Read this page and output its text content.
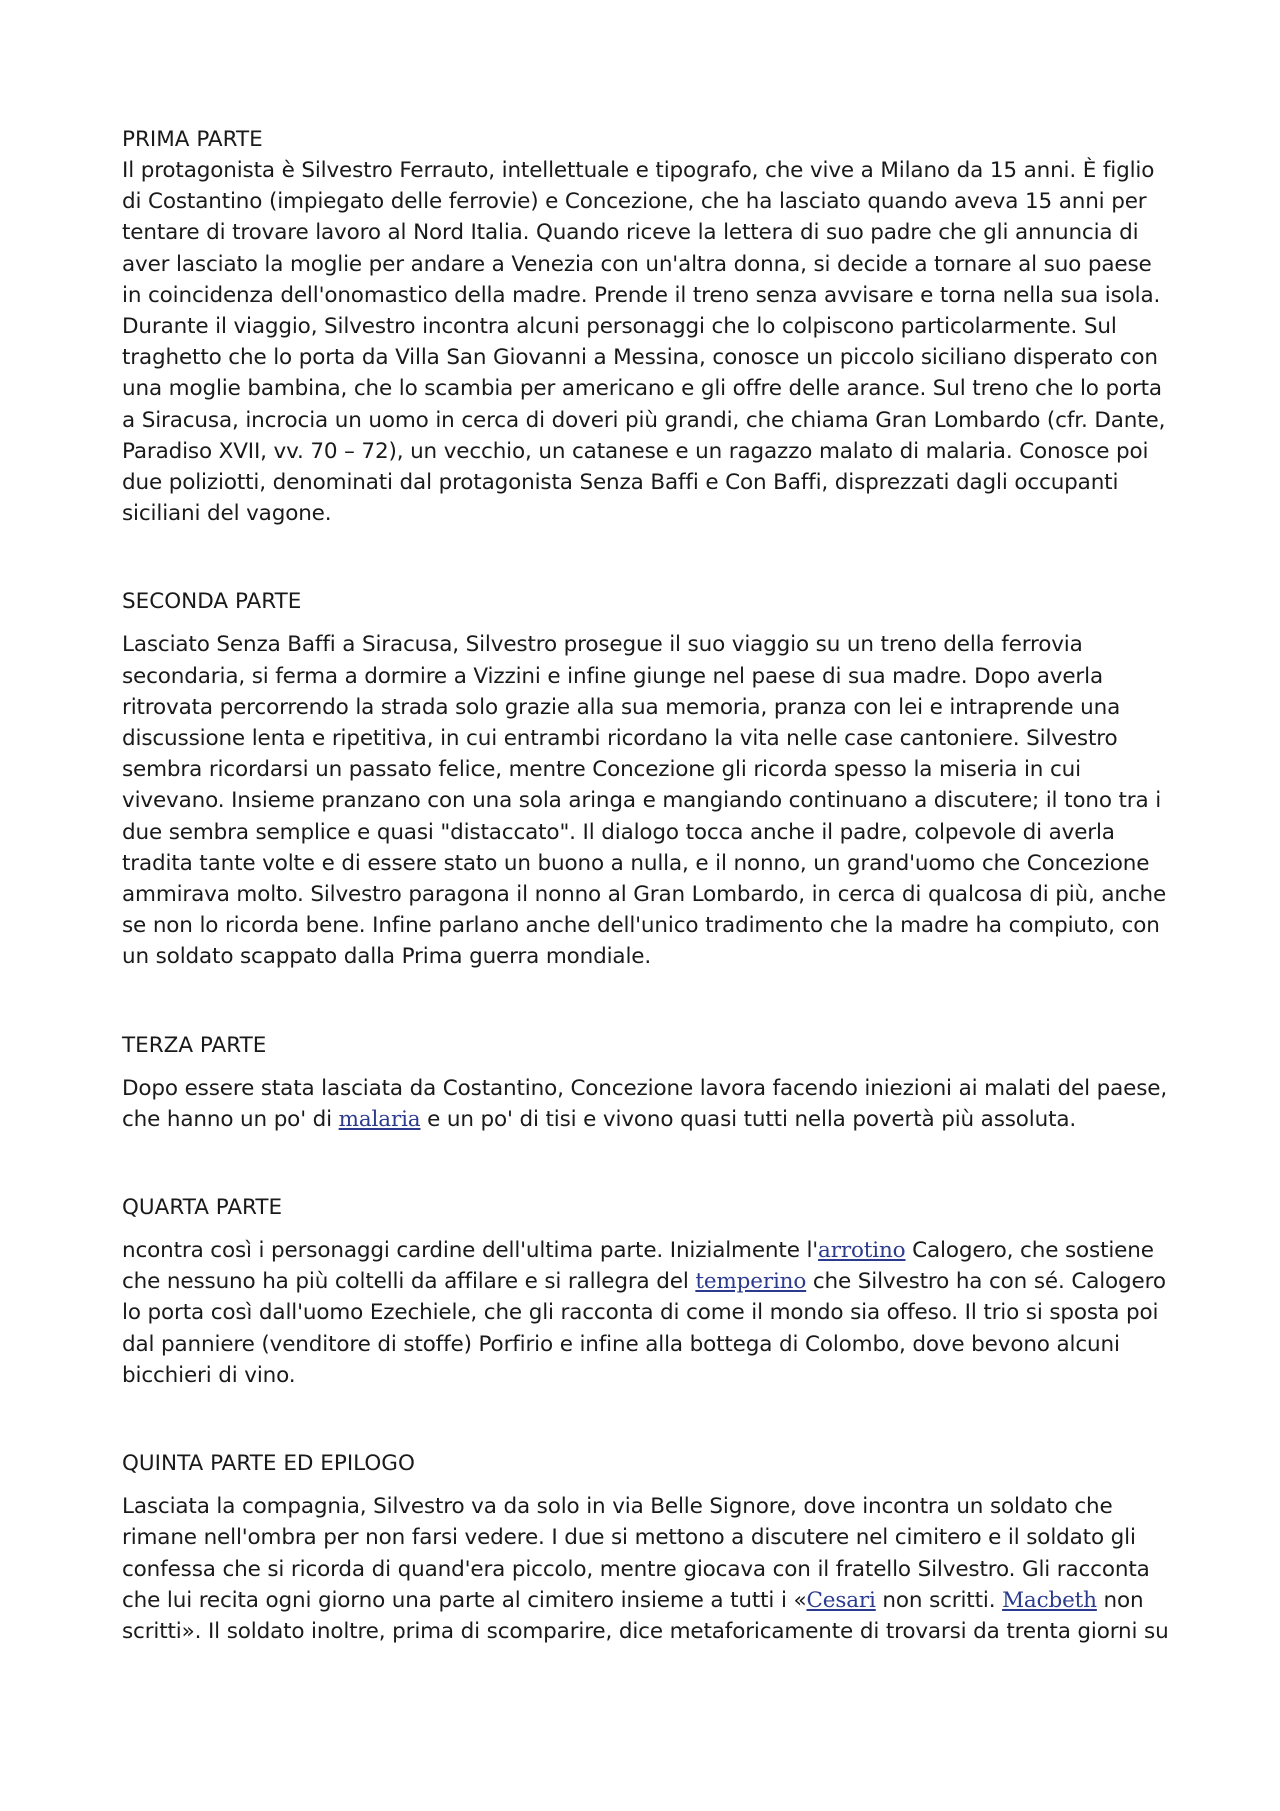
PRIMA PARTE

Il protagonista è Silvestro Ferrauto, intellettuale e tipografo, che vive a Milano da 15 anni. È figlio di Costantino (impiegato delle ferrovie) e Concezione, che ha lasciato quando aveva 15 anni per tentare di trovare lavoro al Nord Italia. Quando riceve la lettera di suo padre che gli annuncia di aver lasciato la moglie per andare a Venezia con un'altra donna, si decide a tornare al suo paese in coincidenza dell'onomastico della madre. Prende il treno senza avvisare e torna nella sua isola. Durante il viaggio, Silvestro incontra alcuni personaggi che lo colpiscono particolarmente. Sul traghetto che lo porta da Villa San Giovanni a Messina, conosce un piccolo siciliano disperato con una moglie bambina, che lo scambia per americano e gli offre delle arance. Sul treno che lo porta a Siracusa, incrocia un uomo in cerca di doveri più grandi, che chiama Gran Lombardo (cfr. Dante, Paradiso XVII, vv. 70 – 72), un vecchio, un catanese e un ragazzo malato di malaria. Conosce poi due poliziotti, denominati dal protagonista Senza Baffi e Con Baffi, disprezzati dagli occupanti siciliani del vagone.

SECONDA PARTE

Lasciato Senza Baffi a Siracusa, Silvestro prosegue il suo viaggio su un treno della ferrovia secondaria, si ferma a dormire a Vizzini e infine giunge nel paese di sua madre. Dopo averla ritrovata percorrendo la strada solo grazie alla sua memoria, pranza con lei e intraprende una discussione lenta e ripetitiva, in cui entrambi ricordano la vita nelle case cantoniere. Silvestro sembra ricordarsi un passato felice, mentre Concezione gli ricorda spesso la miseria in cui vivevano. Insieme pranzano con una sola aringa e mangiando continuano a discutere; il tono tra i due sembra semplice e quasi "distaccato". Il dialogo tocca anche il padre, colpevole di averla tradita tante volte e di essere stato un buono a nulla, e il nonno, un grand'uomo che Concezione ammirava molto. Silvestro paragona il nonno al Gran Lombardo, in cerca di qualcosa di più, anche se non lo ricorda bene. Infine parlano anche dell'unico tradimento che la madre ha compiuto, con un soldato scappato dalla Prima guerra mondiale.

TERZA PARTE

Dopo essere stata lasciata da Costantino, Concezione lavora facendo iniezioni ai malati del paese, che hanno un po' di malaria e un po' di tisi e vivono quasi tutti nella povertà più assoluta.

QUARTA PARTE

ncontra così i personaggi cardine dell'ultima parte. Inizialmente l'arrotino Calogero, che sostiene che nessuno ha più coltelli da affilare e si rallegra del temperino che Silvestro ha con sé. Calogero lo porta così dall'uomo Ezechiele, che gli racconta di come il mondo sia offeso. Il trio si sposta poi dal panniere (venditore di stoffe) Porfirio e infine alla bottega di Colombo, dove bevono alcuni bicchieri di vino.

QUINTA PARTE ED EPILOGO

Lasciata la compagnia, Silvestro va da solo in via Belle Signore, dove incontra un soldato che rimane nell'ombra per non farsi vedere. I due si mettono a discutere nel cimitero e il soldato gli confessa che si ricorda di quand'era piccolo, mentre giocava con il fratello Silvestro. Gli racconta che lui recita ogni giorno una parte al cimitero insieme a tutti i «Cesari non scritti. Macbeth non scritti». Il soldato inoltre, prima di scomparire, dice metaforicamente di trovarsi da trenta giorni su
